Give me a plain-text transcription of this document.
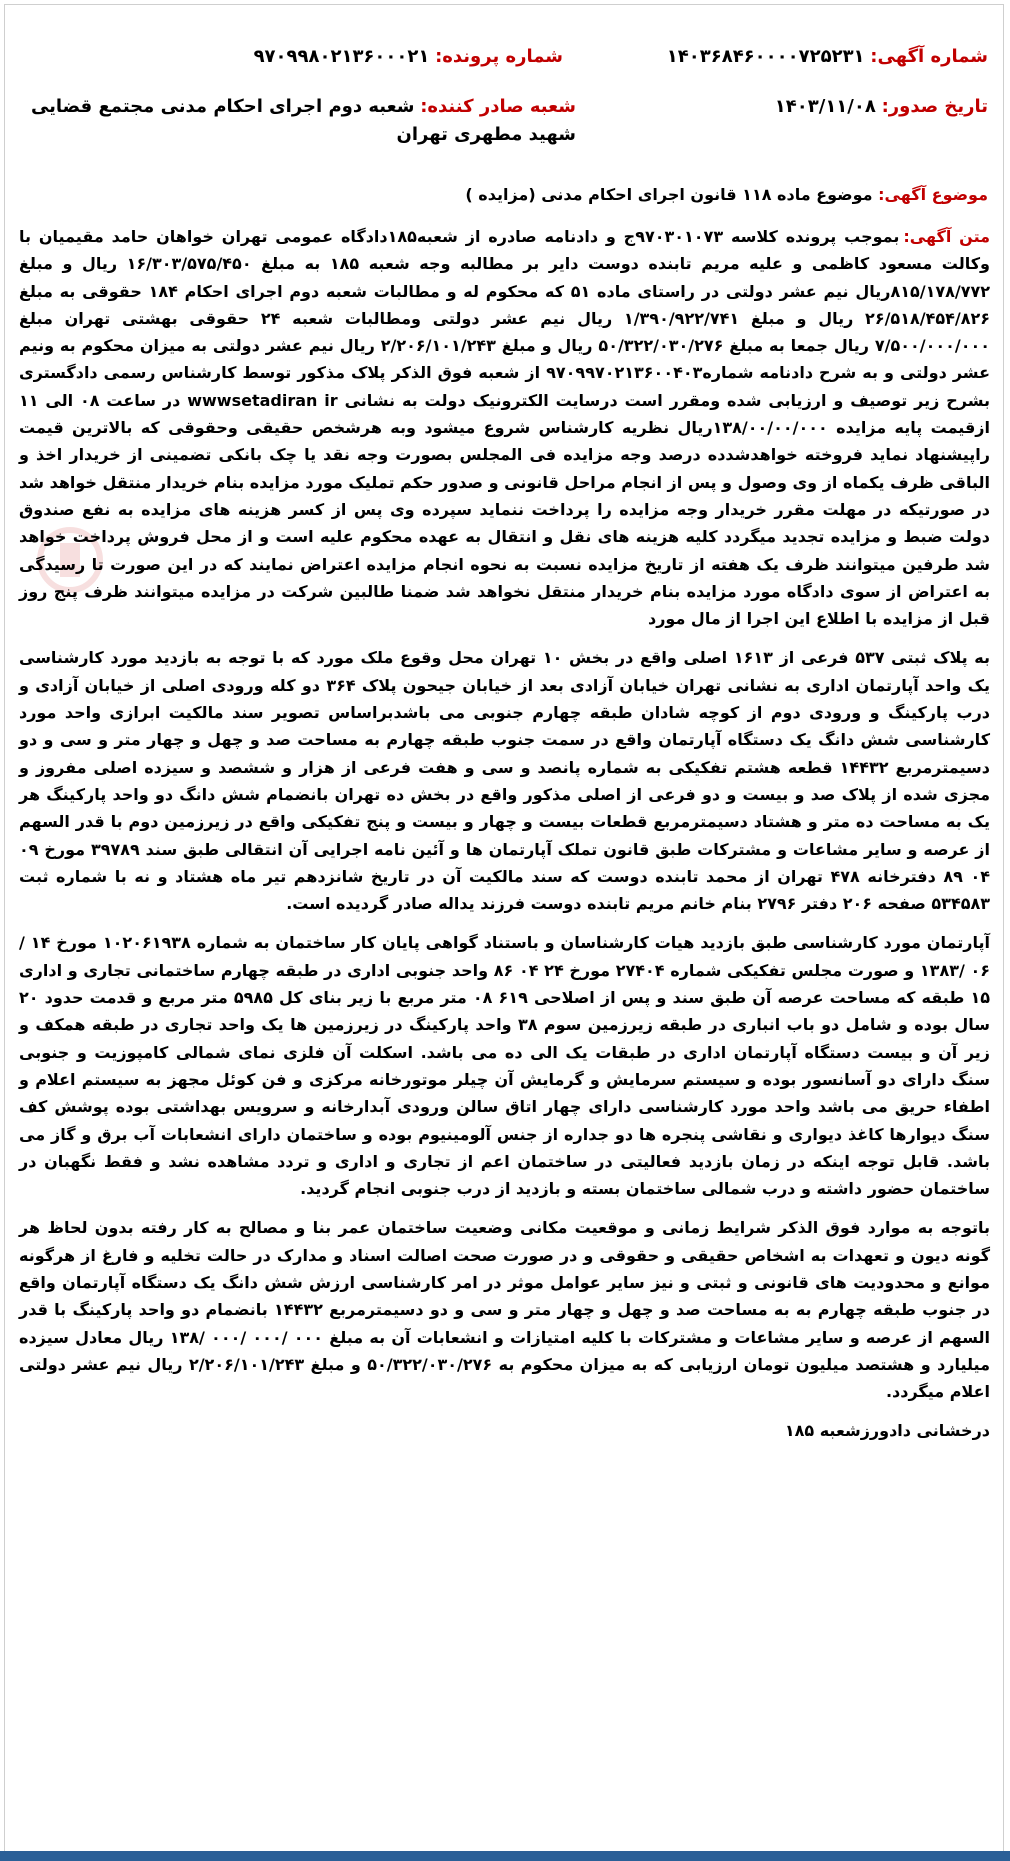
شماره آگهی: ۱۴۰۳۶۸۴۶۰۰۰۰۷۲۵۲۳۱
شماره پرونده: ۹۷۰۹۹۸۰۲۱۳۶۰۰۰۲۱
تاریخ صدور: ۱۴۰۳/۱۱/۰۸
شعبه صادر کننده: شعبه دوم اجرای احکام مدنی مجتمع قضایی شهید مطهری تهران
موضوع آگهی: موضوع ماده ۱۱۸ قانون اجرای احکام مدنی (مزایده )

متن آگهی:بموجب پرونده کلاسه ۹۷۰۳۰۱۰۷۳ج و دادنامه صادره از شعبه۱۸۵دادگاه عمومی تهران خواهان حامد مقیمیان با وکالت مسعود کاظمی و علیه مریم تابنده دوست دایر بر مطالبه وجه شعبه ۱۸۵ به مبلغ ۱۶/۳۰۳/۵۷۵/۴۵۰ ریال و مبلغ ۸۱۵/۱۷۸/۷۷۲ریال نیم عشر دولتی در راستای ماده ۵۱ که محکوم له و مطالبات شعبه دوم اجرای احکام ۱۸۴ حقوقی به مبلغ ۲۶/۵۱۸/۴۵۴/۸۲۶ ریال و مبلغ ۱/۳۹۰/۹۲۲/۷۴۱ ریال نیم عشر دولتی ومطالبات شعبه ۲۴ حقوقی بهشتی تهران مبلغ ۷/۵۰۰/۰۰۰/۰۰۰ ریال جمعا به مبلغ ۵۰/۳۲۲/۰۳۰/۲۷۶ ریال و مبلغ ۲/۲۰۶/۱۰۱/۲۴۳ ریال نیم عشر دولتی به میزان محکوم به ونیم عشر دولتی و به شرح دادنامه شماره۹۷۰۹۹۷۰۲۱۳۶۰۰۴۰۳ از شعبه فوق الذکر پلاک مذکور توسط کارشناس رسمی دادگستری بشرح زیر توصیف و ارزیابی شده ومقرر است درسایت الکترونیک دولت به نشانی wwwsetadiran ir در ساعت ۰۸ الی ۱۱ ازقیمت پایه مزایده ۱۳۸/۰۰/۰۰/۰۰۰ریال نظریه کارشناس شروع میشود وبه هرشخص حقیقی وحقوقی که بالاترین قیمت راپیشنهاد نماید فروخته خواهدشدده درصد وجه مزایده فی المجلس بصورت وجه نقد یا چک بانکی تضمینی از خریدار اخذ و الباقی ظرف یکماه از وی وصول و پس از انجام مراحل قانونی و صدور حکم تملیک مورد مزایده بنام خریدار منتقل خواهد شد در صورتیکه در مهلت مقرر خریدار وجه مزایده را پرداخت ننماید سپرده وی پس از کسر هزینه های مزایده به نفع صندوق دولت ضبط و مزایده تجدید میگردد کلیه هزینه های نقل و انتقال به عهده محکوم علیه است و از محل فروش پرداخت خواهد شد طرفین میتوانند ظرف یک هفته از تاریخ مزایده نسبت به نحوه انجام مزایده اعتراض نمایند که در این صورت تا رسیدگی به اعتراض از سوی دادگاه مورد مزایده بنام خریدار منتقل نخواهد شد ضمنا طالبین شرکت در مزایده میتوانند ظرف پنج روز قبل از مزایده با اطلاع این اجرا از مال مورد

به پلاک ثبتی ۵۳۷ فرعی از ۱۶۱۳ اصلی واقع در بخش ۱۰ تهران محل وقوع ملک مورد که با توجه به بازدید مورد کارشناسی یک واحد آپارتمان اداری به نشانی تهران خیابان آزادی بعد از خیابان جیحون پلاک ۳۶۴ دو کله ورودی اصلی از خیابان آزادی و درب پارکینگ و ورودی دوم از کوچه شادان طبقه چهارم جنوبی می باشدبراساس تصویر سند مالکیت ابرازی واحد مورد کارشناسی شش دانگ یک دستگاه آپارتمان واقع در سمت جنوب طبقه چهارم به مساحت صد و چهل و چهار متر و سی و دو دسیمترمربع ۱۴۴۳۲ قطعه هشتم تفکیکی به شماره پانصد و سی و هفت فرعی از هزار و ششصد و سیزده اصلی مفروز و مجزی شده از پلاک صد و بیست و دو فرعی از اصلی مذکور واقع در بخش ده تهران بانضمام شش دانگ دو واحد پارکینگ هر یک به مساحت ده متر و هشتاد دسیمترمربع قطعات بیست و چهار و بیست و پنج تفکیکی واقع در زیرزمین دوم با قدر السهم از عرصه و سایر مشاعات و مشترکات طبق قانون تملک آپارتمان ها و آئین نامه اجرایی آن انتقالی طبق سند ۳۹۷۸۹ مورخ ۰۹ ۰۴ ۸۹ دفترخانه ۴۷۸ تهران از محمد تابنده دوست که سند مالکیت آن در تاریخ شانزدهم تیر ماه هشتاد و نه با شماره ثبت ۵۳۴۵۸۳ صفحه ۲۰۶ دفتر ۲۷۹۶ بنام خانم مریم تابنده دوست فرزند یداله صادر گردیده است.

آپارتمان مورد کارشناسی طبق بازدید هیات کارشناسان و باستناد گواهی پایان کار ساختمان به شماره ۱۰۲۰۶۱۹۳۸ مورخ ۱۴ /۰۶ /۱۳۸۳ و صورت مجلس تفکیکی شماره ۲۷۴۰۴ مورخ ۲۴ ۰۴ ۸۶ واحد جنوبی اداری در طبقه چهارم ساختمانی تجاری و اداری ۱۵ طبقه که مساحت عرصه آن طبق سند و پس از اصلاحی ۶۱۹ ۰۸ متر مربع با زیر بنای کل ۵۹۸۵ متر مربع و قدمت حدود ۲۰ سال بوده و شامل دو باب انباری در طبقه زیرزمین سوم ۳۸ واحد پارکینگ در زیرزمین ها یک واحد تجاری در طبقه همکف و زیر آن و بیست دستگاه آپارتمان اداری در طبقات یک الی ده می باشد. اسکلت آن فلزی نمای شمالی کامپوزیت و جنوبی سنگ دارای دو آسانسور بوده و سیستم سرمایش و گرمایش آن چیلر موتورخانه مرکزی و فن کوئل مجهز به سیستم اعلام و اطفاء حریق می باشد واحد مورد کارشناسی دارای چهار اتاق سالن ورودی آبدارخانه و سرویس بهداشتی بوده پوشش کف سنگ دیوارها کاغذ دیواری و نقاشی پنجره ها دو جداره از جنس آلومینیوم بوده و ساختمان دارای انشعابات آب برق و گاز می باشد. قابل توجه اینکه در زمان بازدید فعالیتی در ساختمان اعم از تجاری و اداری و تردد مشاهده نشد و فقط نگهبان در ساختمان حضور داشته و درب شمالی ساختمان بسته و بازدید از درب جنوبی انجام گردید.

باتوجه به موارد فوق الذکر شرایط زمانی و موقعیت مکانی وضعیت ساختمان عمر بنا و مصالح به کار رفته بدون لحاظ هر گونه دیون و تعهدات به اشخاص حقیقی و حقوقی و در صورت صحت اصالت اسناد و مدارک در حالت تخلیه و فارغ از هرگونه موانع و محدودیت های قانونی و ثبتی و نیز سایر عوامل موثر در امر کارشناسی ارزش شش دانگ یک دستگاه آپارتمان واقع در جنوب طبقه چهارم به به مساحت صد و چهل و چهار متر و سی و دو دسیمترمربع ۱۴۴۳۲ بانضمام دو واحد پارکینگ با قدر السهم از عرصه و سایر مشاعات و مشترکات با کلیه امتیازات و انشعابات آن به مبلغ ۰۰۰ /۰۰۰ /۰۰۰ /۱۳۸ ریال معادل سیزده میلیارد و هشتصد میلیون تومان ارزیابی که به میزان محکوم به ۵۰/۳۲۲/۰۳۰/۲۷۶ و مبلغ ۲/۲۰۶/۱۰۱/۲۴۳ ریال نیم عشر دولتی اعلام میگردد.

درخشانی دادورزشعبه ۱۸۵
